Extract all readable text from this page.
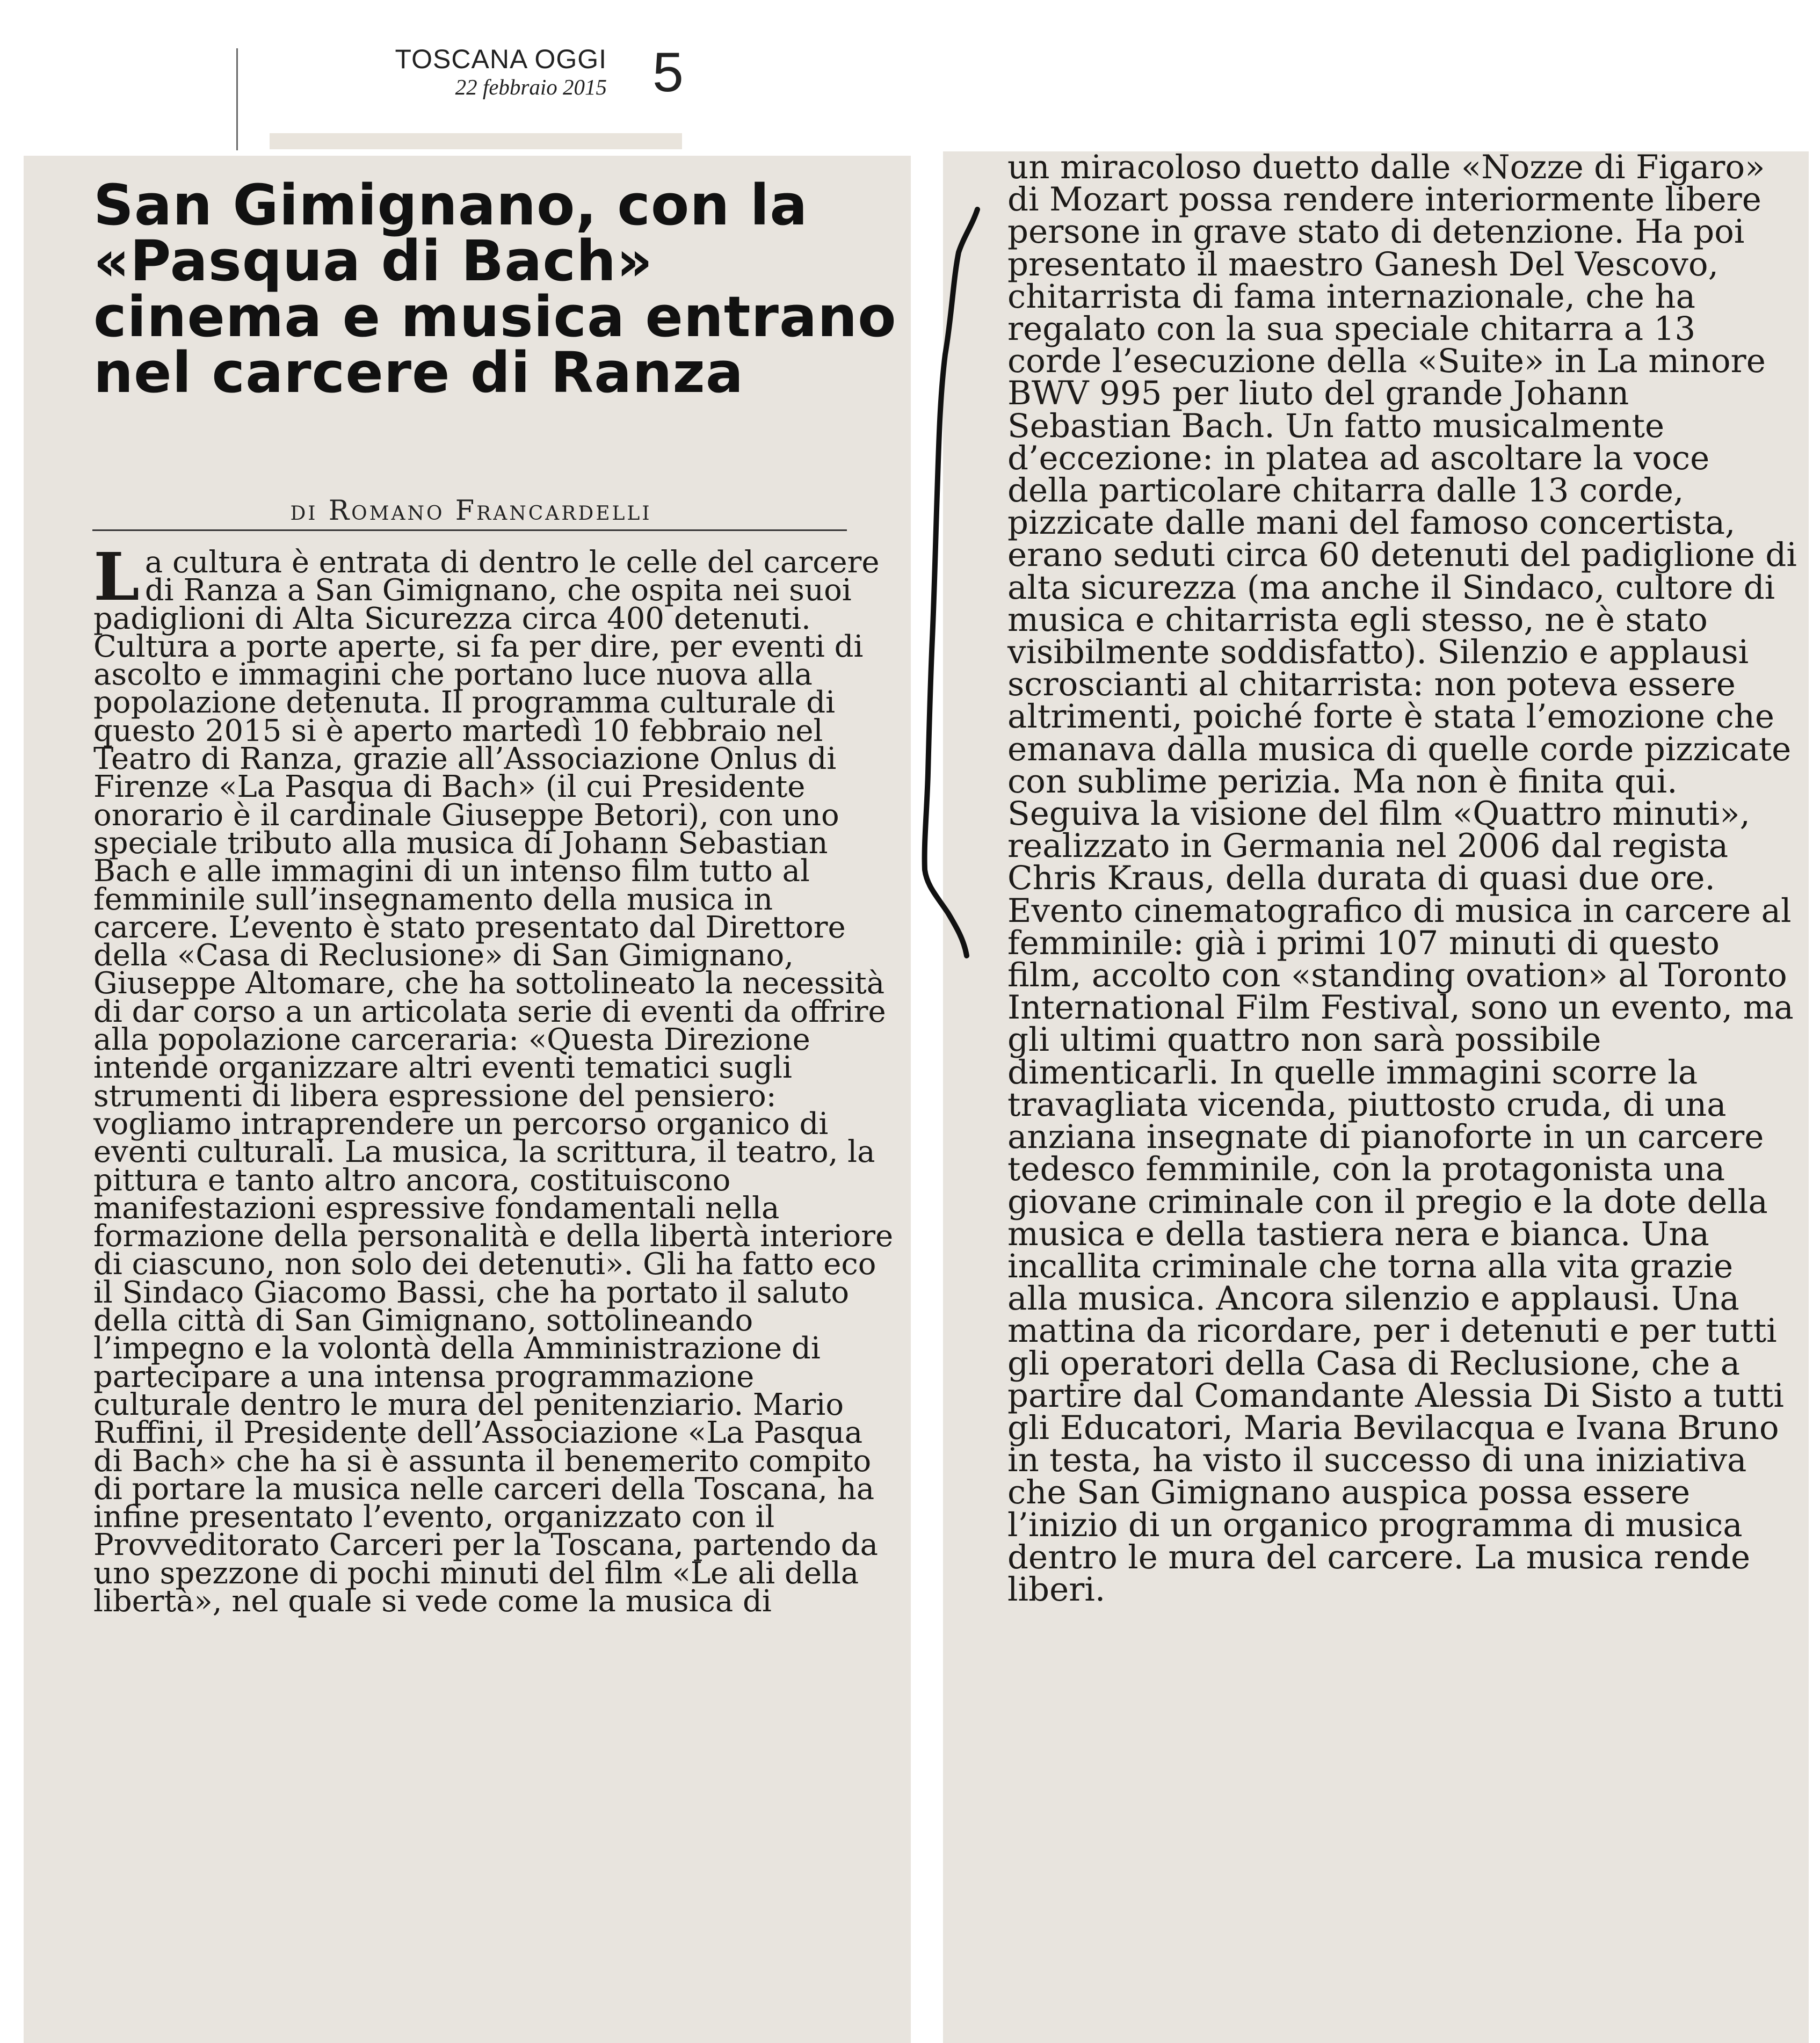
TOSCANA OGGI
22 febbraio 2015 5
San Gimignano, con la «Pasqua di Bach» cinema e musica entrano nel carcere di Ranza
di Romano Francardelli
L a cultura è entrata di dentro le celle del carcere di Ranza a San Gimignano, che ospita nei suoi padiglioni di Alta Sicurezza circa 400 detenuti. Cultura a porte aperte, si fa per dire, per eventi di ascolto e immagini che portano luce nuova alla popolazione detenuta. Il programma culturale di questo 2015 si è aperto martedì 10 febbraio nel Teatro di Ranza, grazie all’Associazione Onlus di Firenze «La Pasqua di Bach» (il cui Presidente onorario è il cardinale Giuseppe Betori), con uno speciale tributo alla musica di Johann Sebastian Bach e alle immagini di un intenso film tutto al femminile sull’insegnamento della musica in carcere. L’evento è stato presentato dal Direttore della «Casa di Reclusione» di San Gimignano, Giuseppe Altomare, che ha sottolineato la necessità di dar corso a un articolata serie di eventi da offrire alla popolazione carceraria: «Questa Direzione intende organizzare altri eventi tematici sugli strumenti di libera espressione del pensiero: vogliamo intraprendere un percorso organico di eventi culturali. La musica, la scrittura, il teatro, la pittura e tanto altro ancora, costituiscono manifestazioni espressive fondamentali nella formazione della personalità e della libertà interiore di ciascuno, non solo dei detenuti». Gli ha fatto eco il Sindaco Giacomo Bassi, che ha portato il saluto della città di San Gimignano, sottolineando l’impegno e la volontà della Amministrazione di partecipare a una intensa programmazione culturale dentro le mura del penitenziario. Mario Ruffini, il Presidente dell’Associazione «La Pasqua di Bach» che ha si è assunta il benemerito compito di portare la musica nelle carceri della Toscana, ha infine presentato l’evento, organizzato con il Provveditorato Carceri per la Toscana, partendo da uno spezzone di pochi minuti del film «Le ali della libertà», nel quale si vede come la musica di
un miracoloso duetto dalle «Nozze di Figaro» di Mozart possa rendere interiormente libere persone in grave stato di detenzione. Ha poi presentato il maestro Ganesh Del Vescovo, chitarrista di fama internazionale, che ha regalato con la sua speciale chitarra a 13 corde l’esecuzione della «Suite» in La minore BWV 995 per liuto del grande Johann Sebastian Bach. Un fatto musicalmente d’eccezione: in platea ad ascoltare la voce della particolare chitarra dalle 13 corde, pizzicate dalle mani del famoso concertista, erano seduti circa 60 detenuti del padiglione di alta sicurezza (ma anche il Sindaco, cultore di musica e chitarrista egli stesso, ne è stato visibilmente soddisfatto). Silenzio e applausi scroscianti al chitarrista: non poteva essere altrimenti, poiché forte è stata l’emozione che emanava dalla musica di quelle corde pizzicate con sublime perizia. Ma non è finita qui. Seguiva la visione del film «Quattro minuti», realizzato in Germania nel 2006 dal regista Chris Kraus, della durata di quasi due ore. Evento cinematografico di musica in carcere al femminile: già i primi 107 minuti di questo film, accolto con «standing ovation» al Toronto International Film Festival, sono un evento, ma gli ultimi quattro non sarà possibile dimenticarli. In quelle immagini scorre la travagliata vicenda, piuttosto cruda, di una anziana insegnate di pianoforte in un carcere tedesco femminile, con la protagonista una giovane criminale con il pregio e la dote della musica e della tastiera nera e bianca. Una incallita criminale che torna alla vita grazie alla musica. Ancora silenzio e applausi. Una mattina da ricordare, per i detenuti e per tutti gli operatori della Casa di Reclusione, che a partire dal Comandante Alessia Di Sisto a tutti gli Educatori, Maria Bevilacqua e Ivana Bruno in testa, ha visto il successo di una iniziativa che San Gimignano auspica possa essere l’inizio di un organico programma di musica dentro le mura del carcere. La musica rende liberi.
